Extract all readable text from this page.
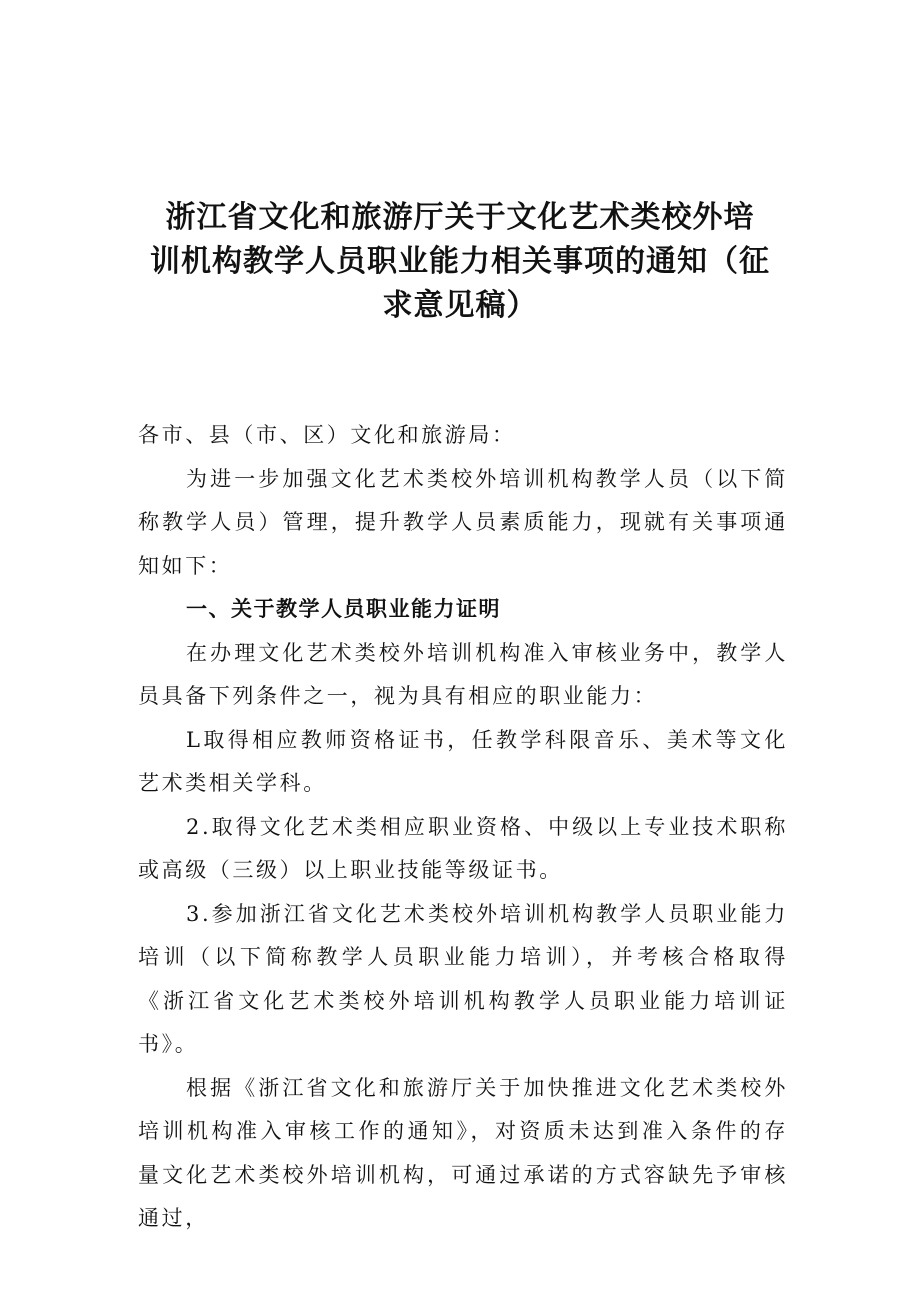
浙江省文化和旅游厅关于文化艺术类校外培
训机构教学人员职业能力相关事项的通知（征
求意见稿）

各市、县（市、区）文化和旅游局：

为进一步加强文化艺术类校外培训机构教学人员（以下简称教学人员）管理，提升教学人员素质能力，现就有关事项通知如下：

一、关于教学人员职业能力证明

在办理文化艺术类校外培训机构准入审核业务中，教学人员具备下列条件之一，视为具有相应的职业能力：

L取得相应教师资格证书，任教学科限音乐、美术等文化艺术类相关学科。

2.取得文化艺术类相应职业资格、中级以上专业技术职称或高级（三级）以上职业技能等级证书。

3.参加浙江省文化艺术类校外培训机构教学人员职业能力培训（以下简称教学人员职业能力培训），并考核合格取得《浙江省文化艺术类校外培训机构教学人员职业能力培训证书》。

根据《浙江省文化和旅游厅关于加快推进文化艺术类校外培训机构准入审核工作的通知》，对资质未达到准入条件的存量文化艺术类校外培训机构，可通过承诺的方式容缺先予审核通过，
